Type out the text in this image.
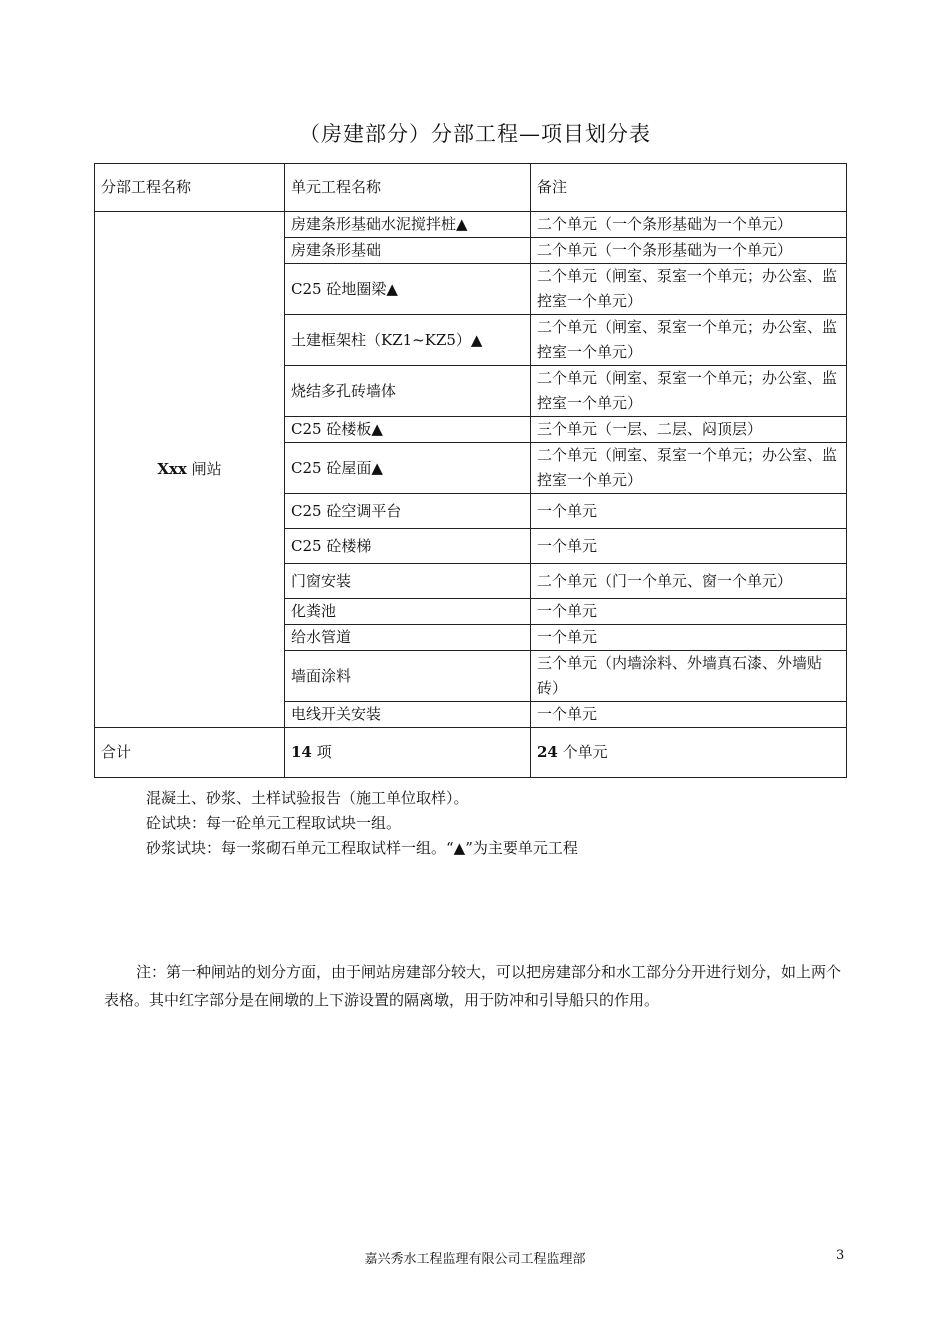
（房建部分）分部工程—项目划分表
分部工程名称	单元工程名称	备注
Xxx 闸站	房建条形基础水泥搅拌桩▲	二个单元（一个条形基础为一个单元）
	房建条形基础	二个单元（一个条形基础为一个单元）
	C25 砼地圈梁▲	二个单元（闸室、泵室一个单元；办公室、监控室一个单元）
	土建框架柱（KZ1~KZ5）▲	二个单元（闸室、泵室一个单元；办公室、监控室一个单元）
	烧结多孔砖墙体	二个单元（闸室、泵室一个单元；办公室、监控室一个单元）
	C25 砼楼板▲	三个单元（一层、二层、闷顶层）
	C25 砼屋面▲	二个单元（闸室、泵室一个单元；办公室、监控室一个单元）
	C25 砼空调平台	一个单元
	C25 砼楼梯	一个单元
	门窗安装	二个单元（门一个单元、窗一个单元）
	化粪池	一个单元
	给水管道	一个单元
	墙面涂料	三个单元（内墙涂料、外墙真石漆、外墙贴砖）
	电线开关安装	一个单元
合计	14 项	24 个单元
混凝土、砂浆、土样试验报告（施工单位取样）。
砼试块：每一砼单元工程取试块一组。
砂浆试块：每一浆砌石单元工程取试样一组。“▲”为主要单元工程
注：第一种闸站的划分方面，由于闸站房建部分较大，可以把房建部分和水工部分分开进行划分，如上两个表格。其中红字部分是在闸墩的上下游设置的隔离墩，用于防冲和引导船只的作用。
嘉兴秀水工程监理有限公司工程监理部	3
